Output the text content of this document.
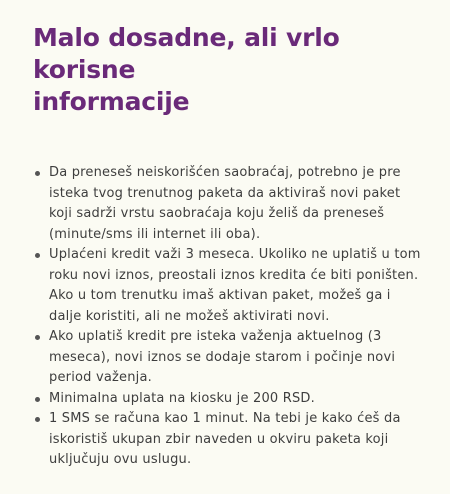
Malo dosadne, ali vrlo korisne
informacije
Da preneseš neiskorišćen saobraćaj, potrebno je pre isteka tvog trenutnog paketa da aktiviraš novi paket koji sadrži vrstu saobraćaja koju želiš da preneseš (minute/sms ili internet ili oba).
Uplaćeni kredit važi 3 meseca. Ukoliko ne uplatiš u tom roku novi iznos, preostali iznos kredita će biti poništen. Ako u tom trenutku imaš aktivan paket, možeš ga i dalje koristiti, ali ne možeš aktivirati novi.
Ako uplatiš kredit pre isteka važenja aktuelnog (3 meseca), novi iznos se dodaje starom i počinje novi period važenja.
Minimalna uplata na kiosku je 200 RSD.
1 SMS se računa kao 1 minut. Na tebi je kako ćeš da iskoristiš ukupan zbir naveden u okviru paketa koji uključuju ovu uslugu.
